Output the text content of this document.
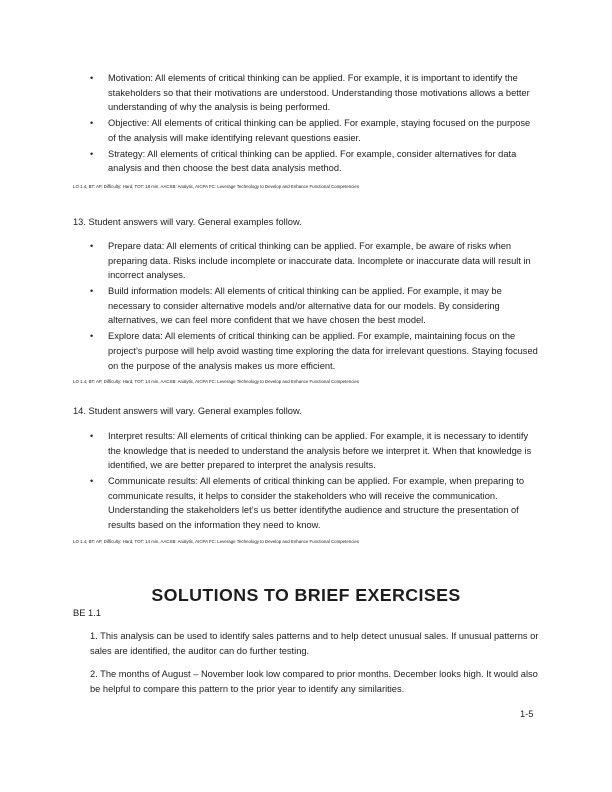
• Motivation: All elements of critical thinking can be applied. For example, it is important to identify the stakeholders so that their motivations are understood. Understanding those motivations allows a better understanding of why the analysis is being performed.
• Objective: All elements of critical thinking can be applied. For example, staying focused on the purpose of the analysis will make identifying relevant questions easier.
• Strategy: All elements of critical thinking can be applied. For example, consider alternatives for data analysis and then choose the best data analysis method.
LO 1.4, BT: AP, Difficulty: Hard, TOT: 18 min, AACSB: Analytic, AICPA FC: Leverage Technology to Develop and Enhance Functional Competencies
13. Student answers will vary. General examples follow.
• Prepare data: All elements of critical thinking can be applied. For example, be aware of risks when preparing data. Risks include incomplete or inaccurate data. Incomplete or inaccurate data will result in incorrect analyses.
• Build information models: All elements of critical thinking can be applied. For example, it may be necessary to consider alternative models and/or alternative data for our models. By considering alternatives, we can feel more confident that we have chosen the best model.
• Explore data: All elements of critical thinking can be applied. For example, maintaining focus on the project’s purpose will help avoid wasting time exploring the data for irrelevant questions. Staying focused on the purpose of the analysis makes us more efficient.
LO 1.4, BT: AP, Difficulty: Hard, TOT: 14 min, AACSB: Analytic, AICPA FC: Leverage Technology to Develop and Enhance Functional Competencies
14. Student answers will vary. General examples follow.
• Interpret results: All elements of critical thinking can be applied. For example, it is necessary to identify the knowledge that is needed to understand the analysis before we interpret it. When that knowledge is identified, we are better prepared to interpret the analysis results.
• Communicate results: All elements of critical thinking can be applied. For example, when preparing to communicate results, it helps to consider the stakeholders who will receive the communication. Understanding the stakeholders let’s us better identifythe audience and structure the presentation of results based on the information they need to know.
LO 1.4, BT: AP, Difficulty: Hard, TOT: 14 min, AACSB: Analytic, AICPA FC: Leverage Technology to Develop and Enhance Functional Competencies
SOLUTIONS TO BRIEF EXERCISES
BE 1.1

1. This analysis can be used to identify sales patterns and to help detect unusual sales. If unusual patterns or sales are identified, the auditor can do further testing.

2. The months of August – November look low compared to prior months. December looks high. It would also be helpful to compare this pattern to the prior year to identify any similarities.

1-5
